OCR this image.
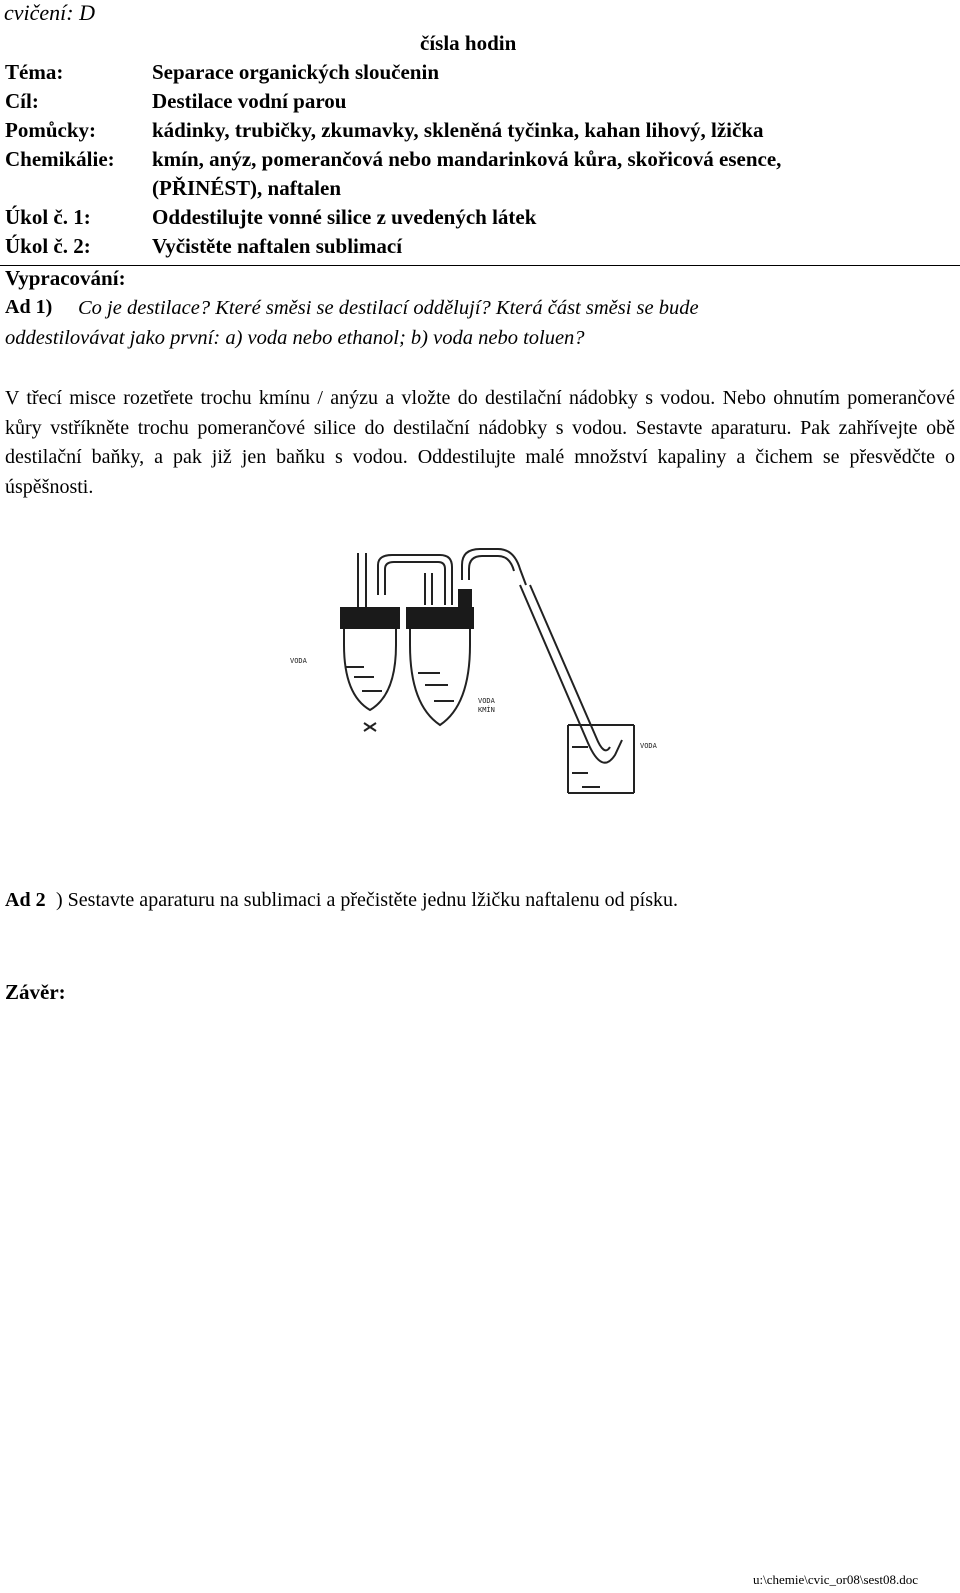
cvičení: D
čísla hodin
Téma:	Separace organických sloučenin
Cíl:	Destilace vodní parou
Pomůcky:	kádinky, trubičky, zkumavky, skleněná tyčinka, kahan lihový, lžička
Chemikálie: kmín, anýz, pomerančová nebo mandarinková kůra, skořicová esence,
(PŘINÉST), naftalen
Úkol č. 1:	Oddestilujte vonné silice z uvedených látek
Úkol č. 2:	Vyčistěte naftalen sublimací
Vypracování:
Ad 1) Co je destilace? Které směsi se destilací oddělují? Která část směsi se bude
oddestilovávat jako první: a) voda nebo ethanol; b) voda nebo toluen?
V třecí misce rozetřete trochu kmínu / anýzu a vložte do destilační nádobky s vodou. Nebo ohnutím pomerančové kůry vstříkněte trochu pomerančové silice do destilační nádobky s vodou. Sestavte aparaturu. Pak zahřívejte obě destilační baňky, a pak již jen baňku s vodou. Oddestilujte malé množství kapaliny a čichem se přesvědčte o úspěšnosti.
VODA
VODA
KMÍN
VODA
Ad 2 ) Sestavte aparaturu na sublimaci a přečistěte jednu lžičku naftalenu od písku.
Závěr:
u:\chemie\cvic_or08\sest08.doc
